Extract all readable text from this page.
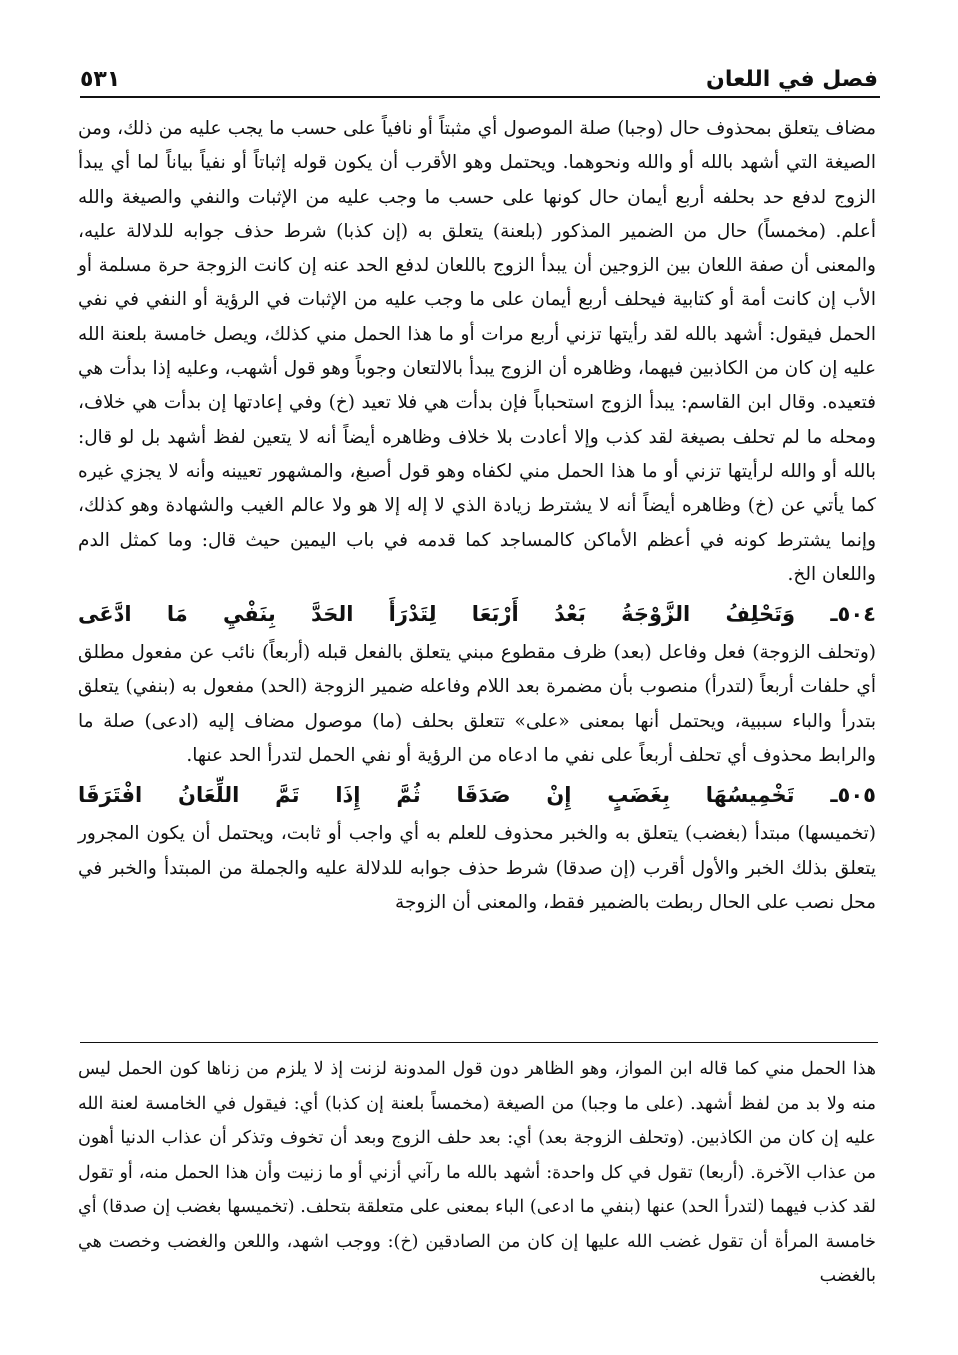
فصل في اللعان
٥٣١

مضاف يتعلق بمحذوف حال (وجبا) صلة الموصول أي مثبتاً أو نافياً على حسب ما يجب عليه من ذلك، ومن الصيغة التي أشهد بالله أو والله ونحوهما. ويحتمل وهو الأقرب أن يكون قوله إثباتاً أو نفياً بياناً لما أي يبدأ الزوج لدفع حد بحلفه أربع أيمان حال كونها على حسب ما وجب عليه من الإثبات والنفي والصيغة والله أعلم. (مخمساً) حال من الضمير المذكور (بلعنة) يتعلق به (إن كذبا) شرط حذف جوابه للدلالة عليه، والمعنى أن صفة اللعان بين الزوجين أن يبدأ الزوج باللعان لدفع الحد عنه إن كانت الزوجة حرة مسلمة أو الأب إن كانت أمة أو كتابية فيحلف أربع أيمان على ما وجب عليه من الإثبات في الرؤية أو النفي في نفي الحمل فيقول: أشهد بالله لقد رأيتها تزني أربع مرات أو ما هذا الحمل مني كذلك، ويصل خامسة بلعنة الله عليه إن كان من الكاذبين فيهما، وظاهره أن الزوج يبدأ بالالتعان وجوباً وهو قول أشهب، وعليه إذا بدأت هي فتعيده. وقال ابن القاسم: يبدأ الزوج استحباباً فإن بدأت هي فلا تعيد (خ) وفي إعادتها إن بدأت هي خلاف، ومحله ما لم تحلف بصيغة لقد كذب وإلا أعادت بلا خلاف وظاهره أيضاً أنه لا يتعين لفظ أشهد بل لو قال: بالله أو والله لرأيتها تزني أو ما هذا الحمل مني لكفاه وهو قول أصبغ، والمشهور تعيينه وأنه لا يجزي غيره كما يأتي عن (خ) وظاهره أيضاً أنه لا يشترط زيادة الذي لا إله إلا هو ولا عالم الغيب والشهادة وهو كذلك، وإنما يشترط كونه في أعظم الأماكن كالمساجد كما قدمه في باب اليمين حيث قال: وما كمثل الدم واللعان الخ.

٥٠٤ـ وَتَحْلِفُ الزَّوْجَةُ بَعْدُ أَرْبَعَا لِتَدْرَأَ الحَدَّ بِنَفْيِ مَا ادَّعَى

(وتحلف الزوجة) فعل وفاعل (بعد) ظرف مقطوع مبني يتعلق بالفعل قبله (أربعاً) نائب عن مفعول مطلق أي حلفات أربعاً (لتدرأ) منصوب بأن مضمرة بعد اللام وفاعله ضمير الزوجة (الحد) مفعول به (بنفي) يتعلق بتدرأ والباء سببية، ويحتمل أنها بمعنى «على» تتعلق بحلف (ما) موصول مضاف إليه (ادعى) صلة ما والرابط محذوف أي تحلف أربعاً على نفي ما ادعاه من الرؤية أو نفي الحمل لتدرأ الحد عنها.

٥٠٥ـ تَخْمِيسُهَا بِغَضَبٍ إِنْ صَدَقَا ثُمَّ إِذَا تَمَّ اللِّعَانُ افْتَرَقَا

(تخميسها) مبتدأ (بغضب) يتعلق به والخبر محذوف للعلم به أي واجب أو ثابت، ويحتمل أن يكون المجرور يتعلق بذلك الخبر والأول أقرب (إن صدقا) شرط حذف جوابه للدلالة عليه والجملة من المبتدأ والخبر في محل نصب على الحال ربطت بالضمير فقط، والمعنى أن الزوجة

هذا الحمل مني كما قاله ابن المواز، وهو الظاهر دون قول المدونة لزنت إذ لا يلزم من زناها كون الحمل ليس منه ولا بد من لفظ أشهد. (على ما وجبا) من الصيغة (مخمساً بلعنة إن كذبا) أي: فيقول في الخامسة لعنة الله عليه إن كان من الكاذبين. (وتحلف الزوجة بعد) أي: بعد حلف الزوج وبعد أن تخوف وتذكر أن عذاب الدنيا أهون من عذاب الآخرة. (أربعا) تقول في كل واحدة: أشهد بالله ما رآني أزني أو ما زنيت وأن هذا الحمل منه، أو تقول لقد كذب فيهما (لتدرأ الحد) عنها (بنفي ما ادعى) الباء بمعنى على متعلقة بتحلف. (تخميسها بغضب إن صدقا) أي خامسة المرأة أن تقول غضب الله عليها إن كان من الصادقين (خ): ووجب اشهد، واللعن والغضب وخصت هي بالغضب
